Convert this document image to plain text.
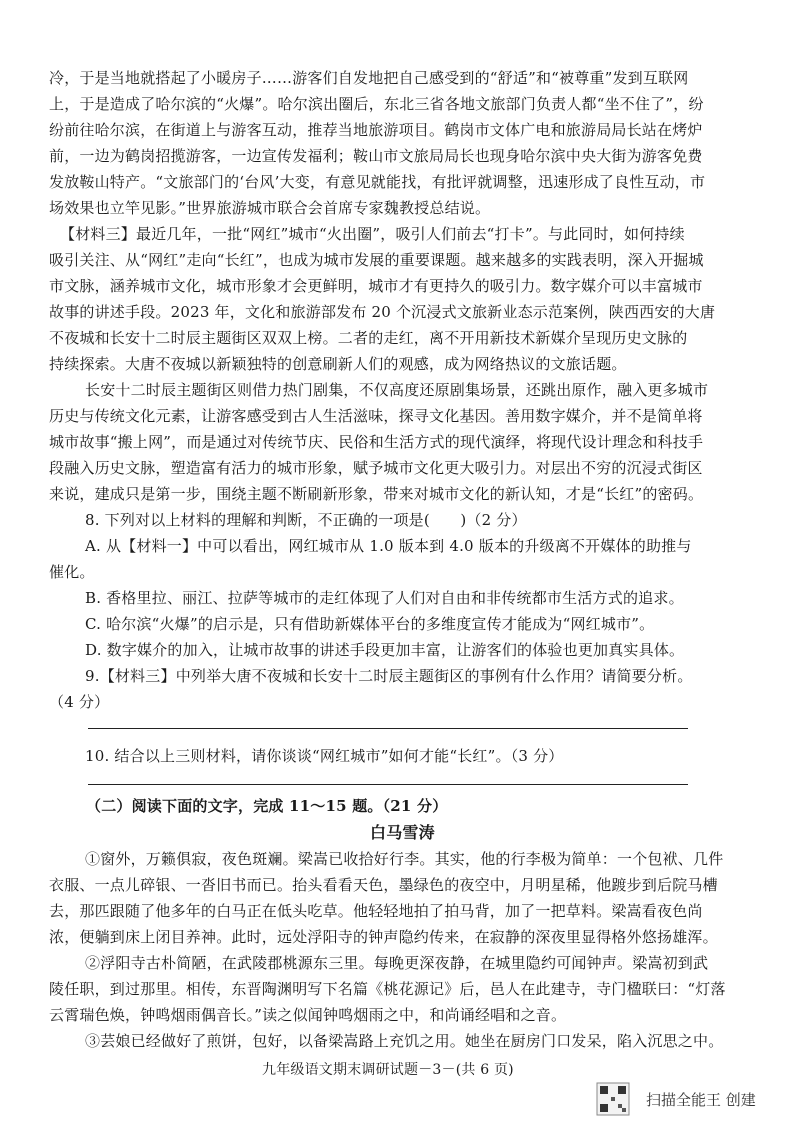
冷，于是当地就搭起了小暖房子……游客们自发地把自己感受到的“舒适”和“被尊重”发到互联网
上，于是造成了哈尔滨的“火爆”。哈尔滨出圈后，东北三省各地文旅部门负责人都“坐不住了”，纷
纷前往哈尔滨，在街道上与游客互动，推荐当地旅游项目。鹤岗市文体广电和旅游局局长站在烤炉
前，一边为鹤岗招揽游客，一边宣传发福利；鞍山市文旅局局长也现身哈尔滨中央大街为游客免费
发放鞍山特产。“文旅部门的‘台风’大变，有意见就能找，有批评就调整，迅速形成了良性互动，市
场效果也立竿见影。”世界旅游城市联合会首席专家魏教授总结说。
【材料三】最近几年，一批“网红”城市“火出圈”，吸引人们前去“打卡”。与此同时，如何持续
吸引关注、从“网红”走向“长红”，也成为城市发展的重要课题。越来越多的实践表明，深入开掘城
市文脉，涵养城市文化，城市形象才会更鲜明，城市才有更持久的吸引力。数字媒介可以丰富城市
故事的讲述手段。2023 年，文化和旅游部发布 20 个沉浸式文旅新业态示范案例，陕西西安的大唐
不夜城和长安十二时辰主题街区双双上榜。二者的走红，离不开用新技术新媒介呈现历史文脉的
持续探索。大唐不夜城以新颖独特的创意刷新人们的观感，成为网络热议的文旅话题。
长安十二时辰主题街区则借力热门剧集，不仅高度还原剧集场景，还跳出原作，融入更多城市
历史与传统文化元素，让游客感受到古人生活滋味，探寻文化基因。善用数字媒介，并不是简单将
城市故事“搬上网”，而是通过对传统节庆、民俗和生活方式的现代演绎，将现代设计理念和科技手
段融入历史文脉，塑造富有活力的城市形象，赋予城市文化更大吸引力。对层出不穷的沉浸式街区
来说，建成只是第一步，围绕主题不断刷新形象，带来对城市文化的新认知，才是“长红”的密码。
8. 下列对以上材料的理解和判断，不正确的一项是(　　)（2 分）
A. 从【材料一】中可以看出，网红城市从 1.0 版本到 4.0 版本的升级离不开媒体的助推与
催化。
B. 香格里拉、丽江、拉萨等城市的走红体现了人们对自由和非传统都市生活方式的追求。
C. 哈尔滨“火爆”的启示是，只有借助新媒体平台的多维度宣传才能成为“网红城市”。
D. 数字媒介的加入，让城市故事的讲述手段更加丰富，让游客们的体验也更加真实具体。
9.【材料三】中列举大唐不夜城和长安十二时辰主题街区的事例有什么作用？请简要分析。
（4 分）
10. 结合以上三则材料，请你谈谈“网红城市”如何才能“长红”。（3 分）
（二）阅读下面的文字，完成 11～15 题。（21 分）
白马雪涛
①窗外，万籁俱寂，夜色斑斓。梁嵩已收拾好行李。其实，他的行李极为简单：一个包袱、几件
衣服、一点儿碎银、一沓旧书而已。抬头看看天色，墨绿色的夜空中，月明星稀，他踱步到后院马槽
去，那匹跟随了他多年的白马正在低头吃草。他轻轻地拍了拍马背，加了一把草料。梁嵩看夜色尚
浓，便躺到床上闭目养神。此时，远处浮阳寺的钟声隐约传来，在寂静的深夜里显得格外悠扬雄浑。
②浮阳寺古朴简陋，在武陵郡桃源东三里。每晚更深夜静，在城里隐约可闻钟声。梁嵩初到武
陵任职，到过那里。相传，东晋陶渊明写下名篇《桃花源记》后，邑人在此建寺，寺门楹联曰：“灯落
云霄瑞色焕，钟鸣烟雨偶音长。”读之似闻钟鸣烟雨之中，和尚诵经唱和之音。
③芸娘已经做好了煎饼，包好，以备梁嵩路上充饥之用。她坐在厨房门口发呆，陷入沉思之中。
九年级语文期末调研试题－3－(共 6 页)
扫描全能王 创建
